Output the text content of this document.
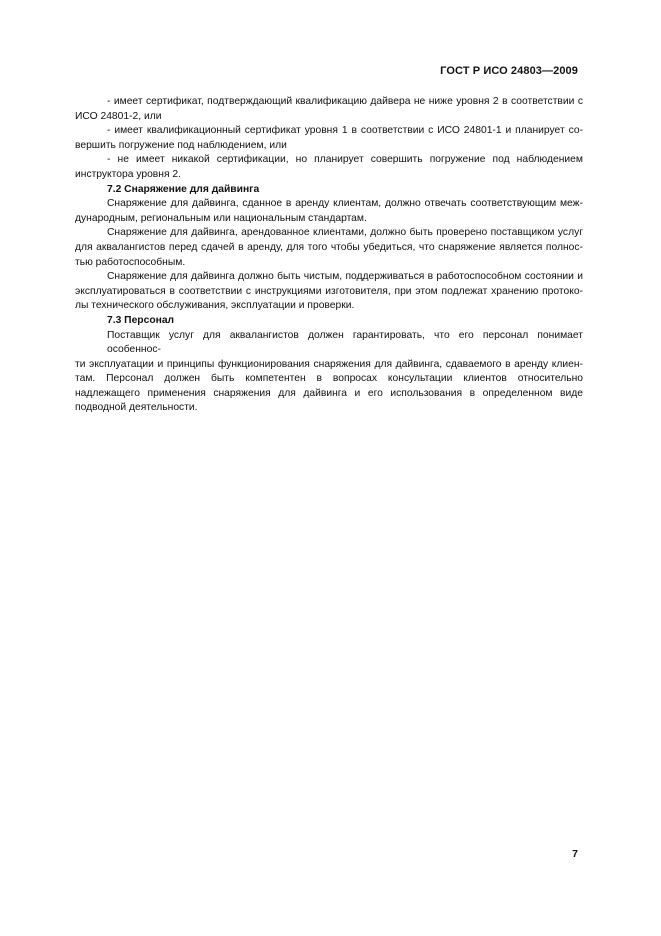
ГОСТ Р ИСО 24803—2009

- имеет сертификат, подтверждающий квалификацию дайвера не ниже уровня 2 в соответствии с
ИСО 24801-2, или

- имеет квалификационный сертификат уровня 1 в соответствии с ИСО 24801-1 и планирует со-
вершить погружение под наблюдением, или

- не имеет никакой сертификации, но планирует совершить погружение под наблюдением
инструктора уровня 2.

7.2 Снаряжение для дайвинга

Снаряжение для дайвинга, сданное в аренду клиентам, должно отвечать соответствующим меж-
дународным, региональным или национальным стандартам.

Снаряжение для дайвинга, арендованное клиентами, должно быть проверено поставщиком услуг
для аквалангистов перед сдачей в аренду, для того чтобы убедиться, что снаряжение является полнос-
тью работоспособным.

Снаряжение для дайвинга должно быть чистым, поддерживаться в работоспособном состоянии и
эксплуатироваться в соответствии с инструкциями изготовителя, при этом подлежат хранению протоко-
лы технического обслуживания, эксплуатации и проверки.

7.3 Персонал

Поставщик услуг для аквалангистов должен гарантировать, что его персонал понимает особеннос-
ти эксплуатации и принципы функционирования снаряжения для дайвинга, сдаваемого в аренду клиен-
там. Персонал должен быть компетентен в вопросах консультации клиентов относительно
надлежащего применения снаряжения для дайвинга и его использования в определенном виде
подводной деятельности.

7
